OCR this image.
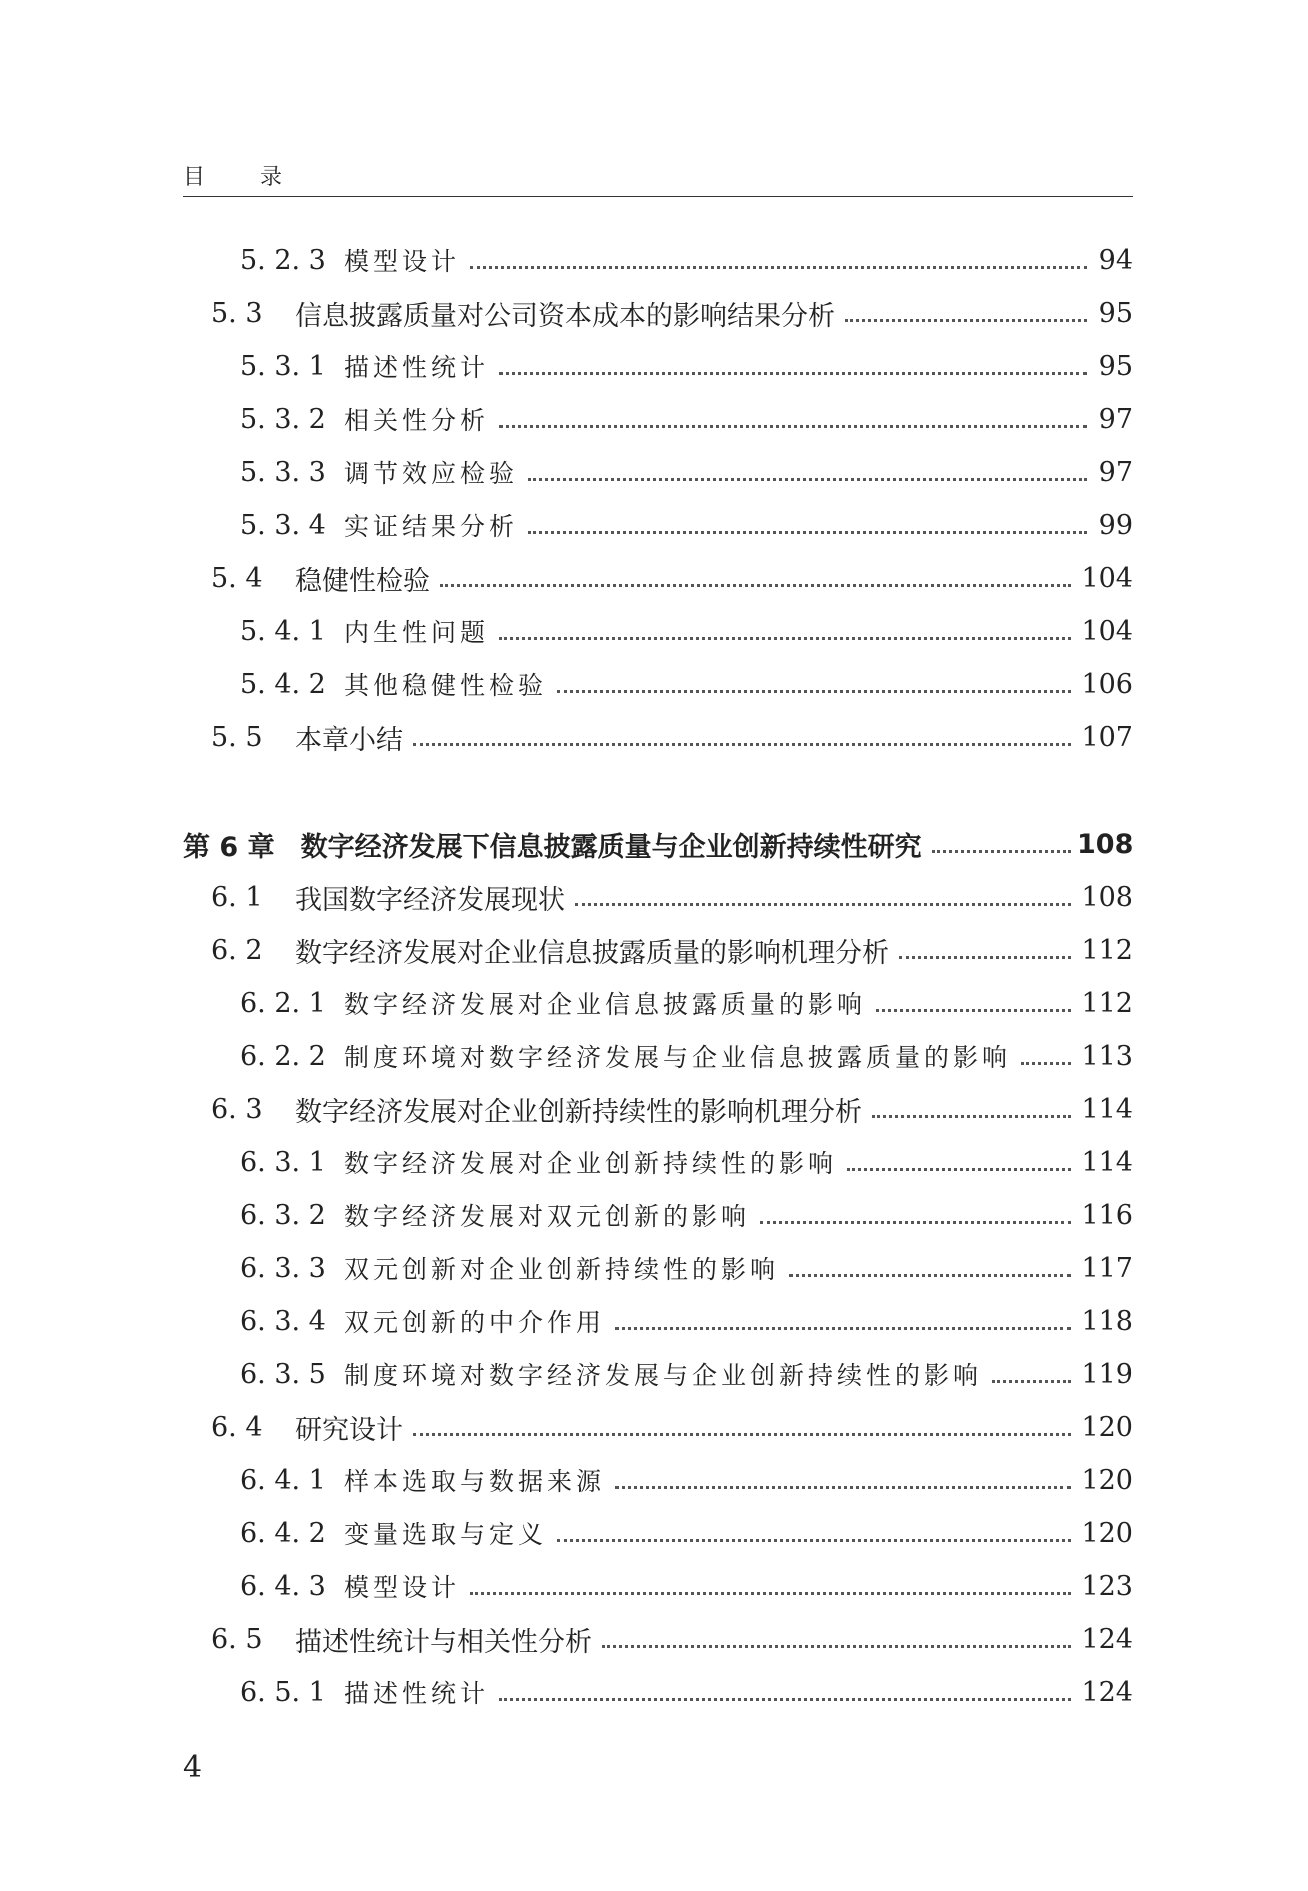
目	录
5. 2. 3 模型设计	94
5. 3	信息披露质量对公司资本成本的影响结果分析	95
5. 3. 1 描述性统计	95
5. 3. 2 相关性分析	97
5. 3. 3 调节效应检验	97
5. 3. 4 实证结果分析	99
5. 4	稳健性检验	104
5. 4. 1 内生性问题	104
5. 4. 2 其他稳健性检验	106
5. 5	本章小结	107
第 6 章 数字经济发展下信息披露质量与企业创新持续性研究	108
6. 1	我国数字经济发展现状	108
6. 2	数字经济发展对企业信息披露质量的影响机理分析	112
6. 2. 1 数字经济发展对企业信息披露质量的影响	112
6. 2. 2 制度环境对数字经济发展与企业信息披露质量的影响	113
6. 3	数字经济发展对企业创新持续性的影响机理分析	114
6. 3. 1 数字经济发展对企业创新持续性的影响	114
6. 3. 2 数字经济发展对双元创新的影响	116
6. 3. 3 双元创新对企业创新持续性的影响	117
6. 3. 4 双元创新的中介作用	118
6. 3. 5 制度环境对数字经济发展与企业创新持续性的影响	119
6. 4	研究设计	120
6. 4. 1 样本选取与数据来源	120
6. 4. 2 变量选取与定义	120
6. 4. 3 模型设计	123
6. 5	描述性统计与相关性分析	124
6. 5. 1 描述性统计	124
4
